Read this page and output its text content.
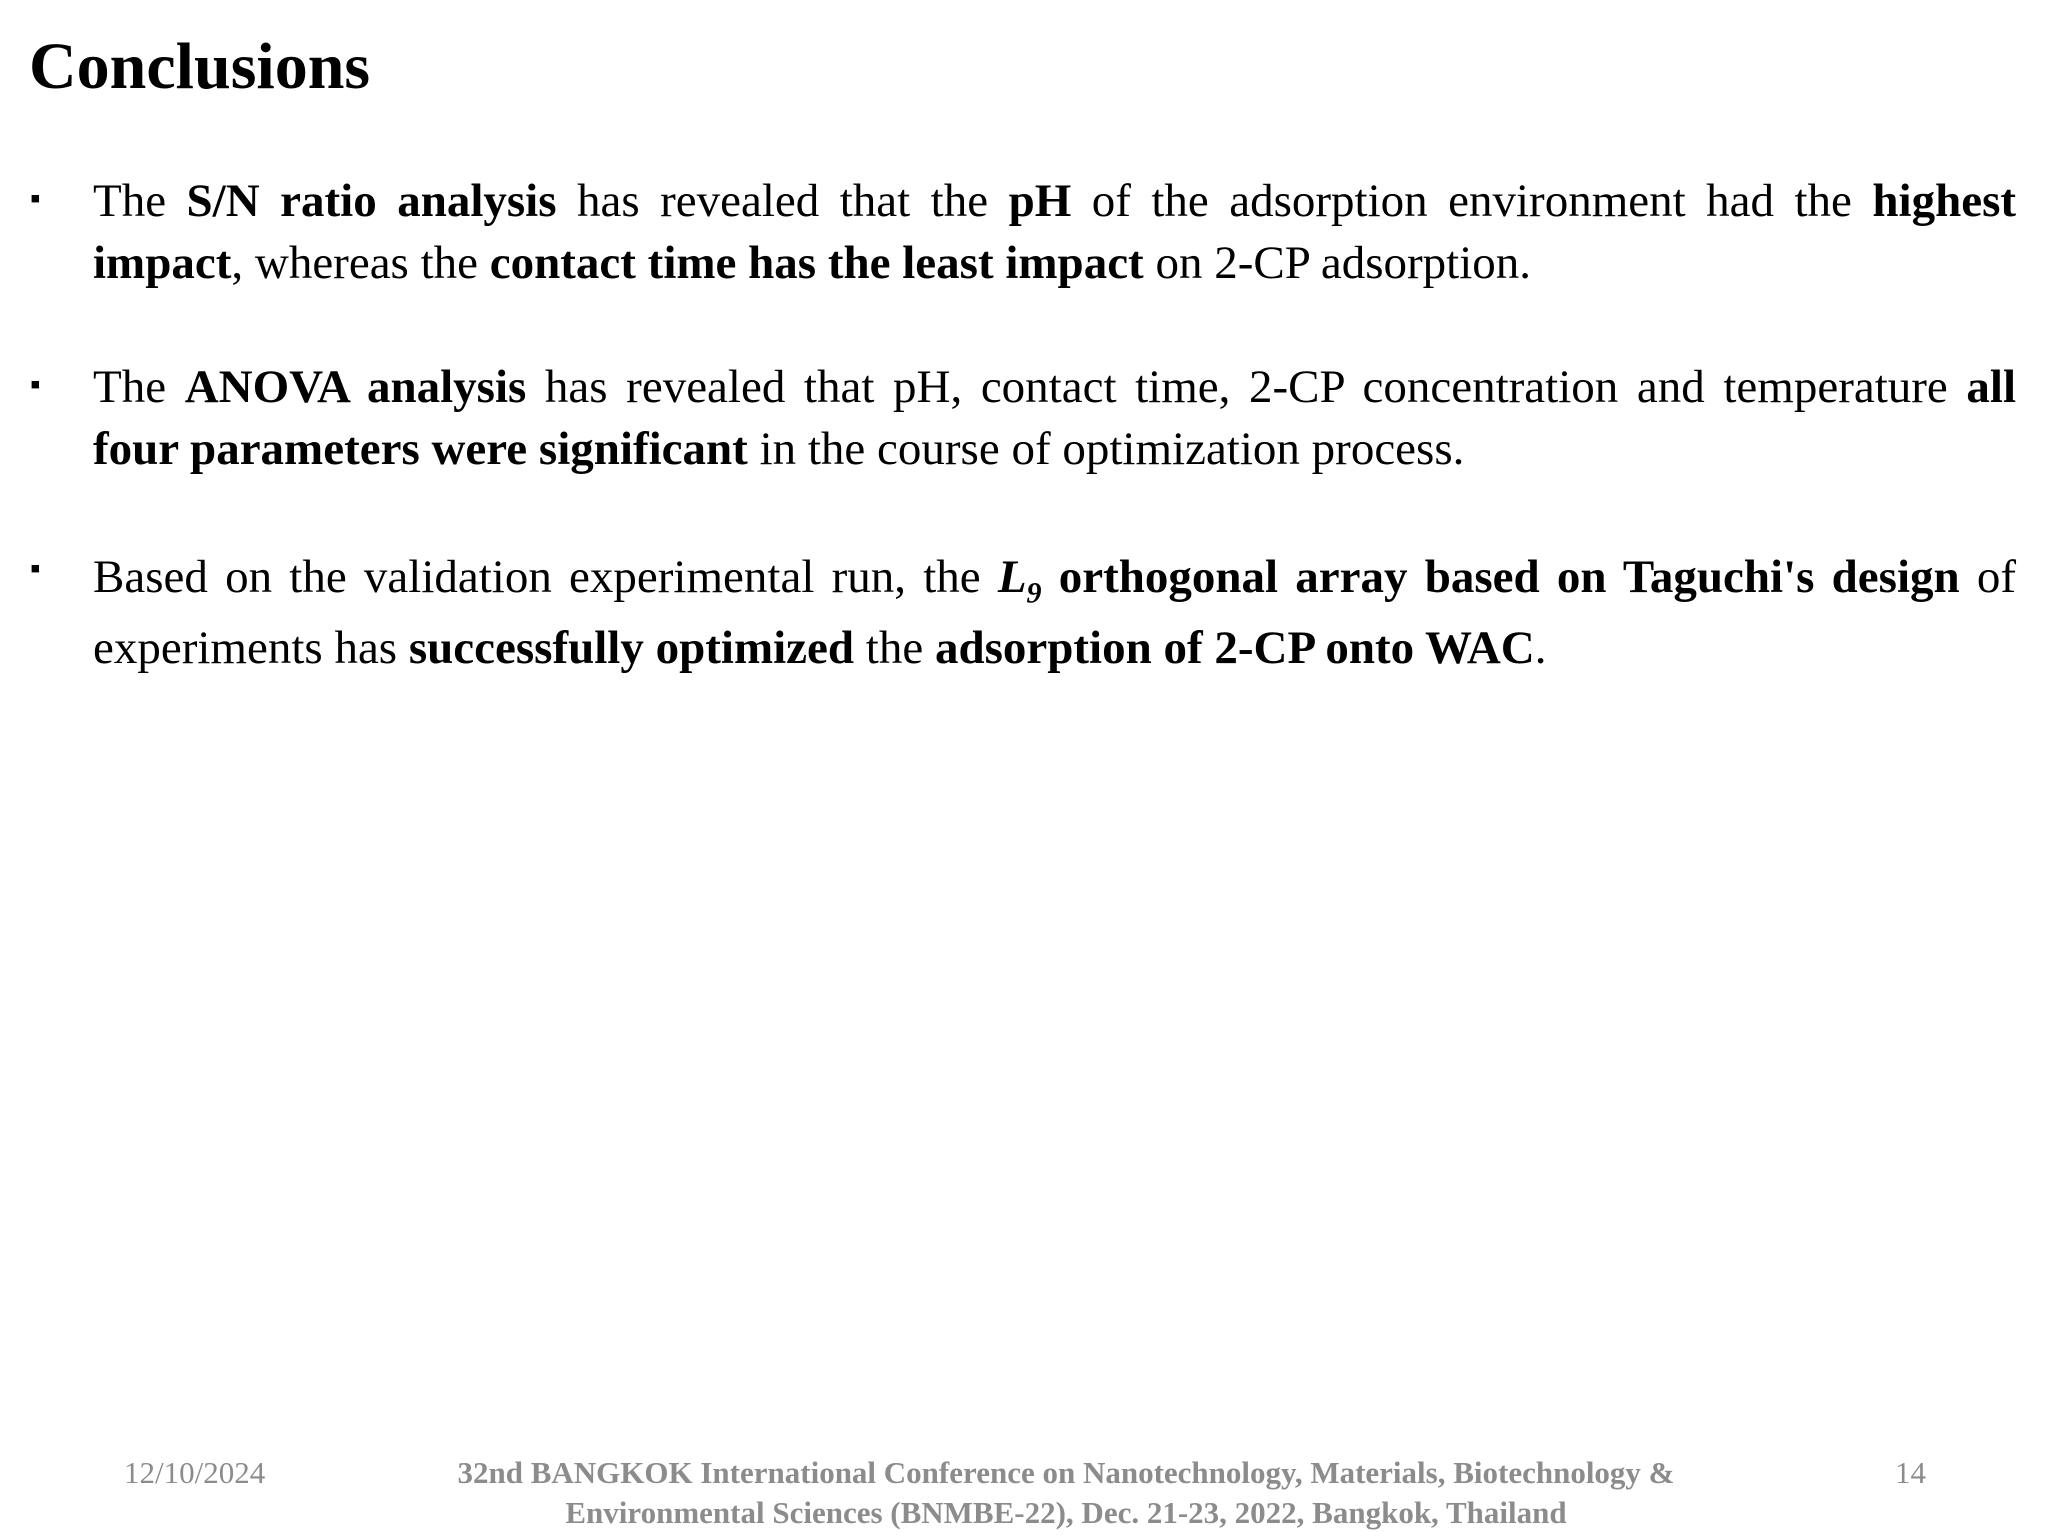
Conclusions
▪ The S/N ratio analysis has revealed that the pH of the adsorption environment had the highest impact, whereas the contact time has the least impact on 2-CP adsorption.
▪ The ANOVA analysis has revealed that pH, contact time, 2-CP concentration and temperature all four parameters were significant in the course of optimization process.
▪ Based on the validation experimental run, the $L_9$ orthogonal array based on Taguchi's design of experiments has successfully optimized the adsorption of 2-CP onto WAC.
12/10/2024	32nd BANGKOK International Conference on Nanotechnology, Materials, Biotechnology &
Environmental Sciences (BNMBE-22), Dec. 21-23, 2022, Bangkok, Thailand
14
